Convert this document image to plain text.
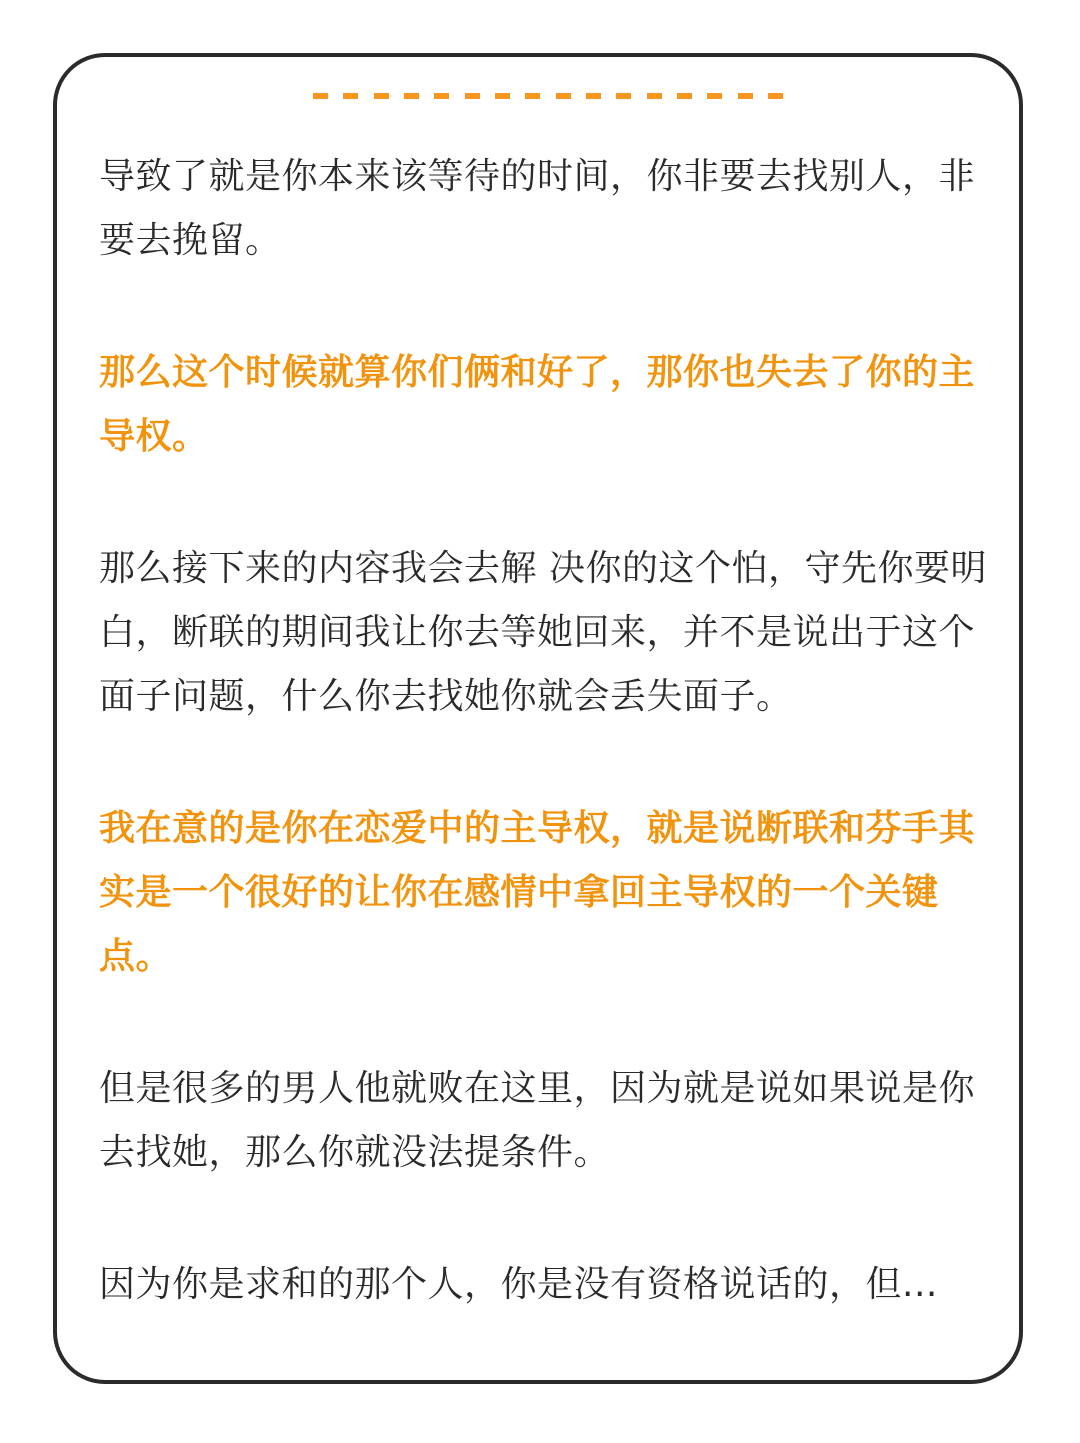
导致了就是你本来该等待的时间，你非要去找别人，非要去挽留。

那么这个时候就算你们俩和好了，那你也失去了你的主导权。

那么接下来的内容我会去解 决你的这个怕，守先你要明白，断联的期间我让你去等她回来，并不是说出于这个面子问题，什么你去找她你就会丢失面子。

我在意的是你在恋爱中的主导权，就是说断联和芬手其实是一个很好的让你在感情中拿回主导权的一个关键点。

但是很多的男人他就败在这里，因为就是说如果说是你去找她，那么你就没法提条件。

因为你是求和的那个人，你是没有资格说话的，但...
